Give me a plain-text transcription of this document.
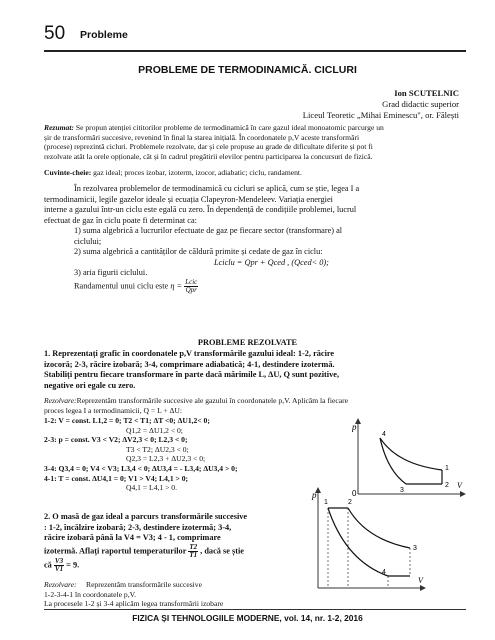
50 Probleme
PROBLEME DE TERMODINAMICĂ. CICLURI
Ion SCUTELNIC
Grad didactic superior
Liceul Teoretic „Mihai Eminescu", or. Fălești
Rezumat: Se propun atenției cititorilor probleme de termodinamică în care gazul ideal monoatomic parcurge un
șir de transformări succesive, revenind în final la starea inițială. În coordonatele p,V aceste transformări
(procese) reprezintă cicluri. Problemele rezolvate, dar și cele propuse au grade de dificultate diferite și pot fi
rezolvate atât la orele opționale, cât și în cadrul pregătirii elevilor pentru participarea la concursuri de fizică.
Cuvinte-cheie: gaz ideal; proces izobar, izoterm, izocor, adiabatic; ciclu, randament.
În rezolvarea problemelor de termodinamică cu cicluri se aplică, cum se știe, legea I a
termodinamicii, legile gazelor ideale și ecuația Clapeyron-Mendeleev. Variația energiei
interne a gazului într-un ciclu este egală cu zero. În dependență de condițiile problemei, lucrul
efectuat de gaz în ciclu poate fi determinat ca:
1) suma algebrică a lucrurilor efectuate de gaz pe fiecare sector (transformare) al
ciclului;
2) suma algebrică a cantităților de căldură primite și cedate de gaz în ciclu:
Lciclu = Qpr + Qced , (Qced< 0);
3) aria figurii ciclului.
Randamentul unui ciclu este $\eta = \frac{\text{Lcic}}{\text{Qpr}}$
PROBLEME REZOLVATE
1. Reprezentați grafic în coordonatele p,V transformările gazului ideal: 1-2, răcire
izocoră; 2-3, răcire izobară; 3-4, comprimare adiabatică; 4-1, destindere izotermă.
Stabiliți pentru fiecare transformare în parte dacă mărimile L, ΔU, Q sunt pozitive,
negative ori egale cu zero.
Rezolvare:Reprezentăm transformările succesive ale gazului în coordonatele p,V. Aplicăm la fiecare
proces legea I a termodinamicii, Q = L + ΔU:
1-2: V = const. L1,2 = 0; T2 < T1; ΔT <0; ΔU1,2< 0;
Q1,2 = ΔU1,2 < 0;
2-3: p = const. V3 < V2; ΔV2,3 < 0; L2,3 < 0;
T3 < T2; ΔU2,3 < 0;
Q2,3 = L2,3 + ΔU2,3 < 0;
3-4: Q3,4 = 0; V4 < V3; L3,4 < 0; ΔU3,4 = - L3,4; ΔU3,4 > 0;
4-1: T = const. ΔU4,1 = 0; V1 > V4; L4,1 > 0;
Q4,1 = L4,1 > 0.
p
V
0
4
1
2
3
2. O masă de gaz ideal a parcurs transformările succesive
: 1-2, încălzire izobară; 2-3, destindere izotermă; 3-4,
răcire izobară până la V4 = V3; 4 - 1, comprimare
izotermă. Aflați raportul temperaturilor $\frac{T2}{T1}$ , dacă se știe
că $\frac{V3}{V1} = 9$.
Rezolvare:	Reprezentăm transformările succesive
1-2-3-4-1 în coordonatele p,V.
La procesele 1-2 și 3-4 aplicăm legea transformării izobare
p
V
1	2
3
4
FIZICA ȘI TEHNOLOGIILE MODERNE, vol. 14, nr. 1-2, 2016
